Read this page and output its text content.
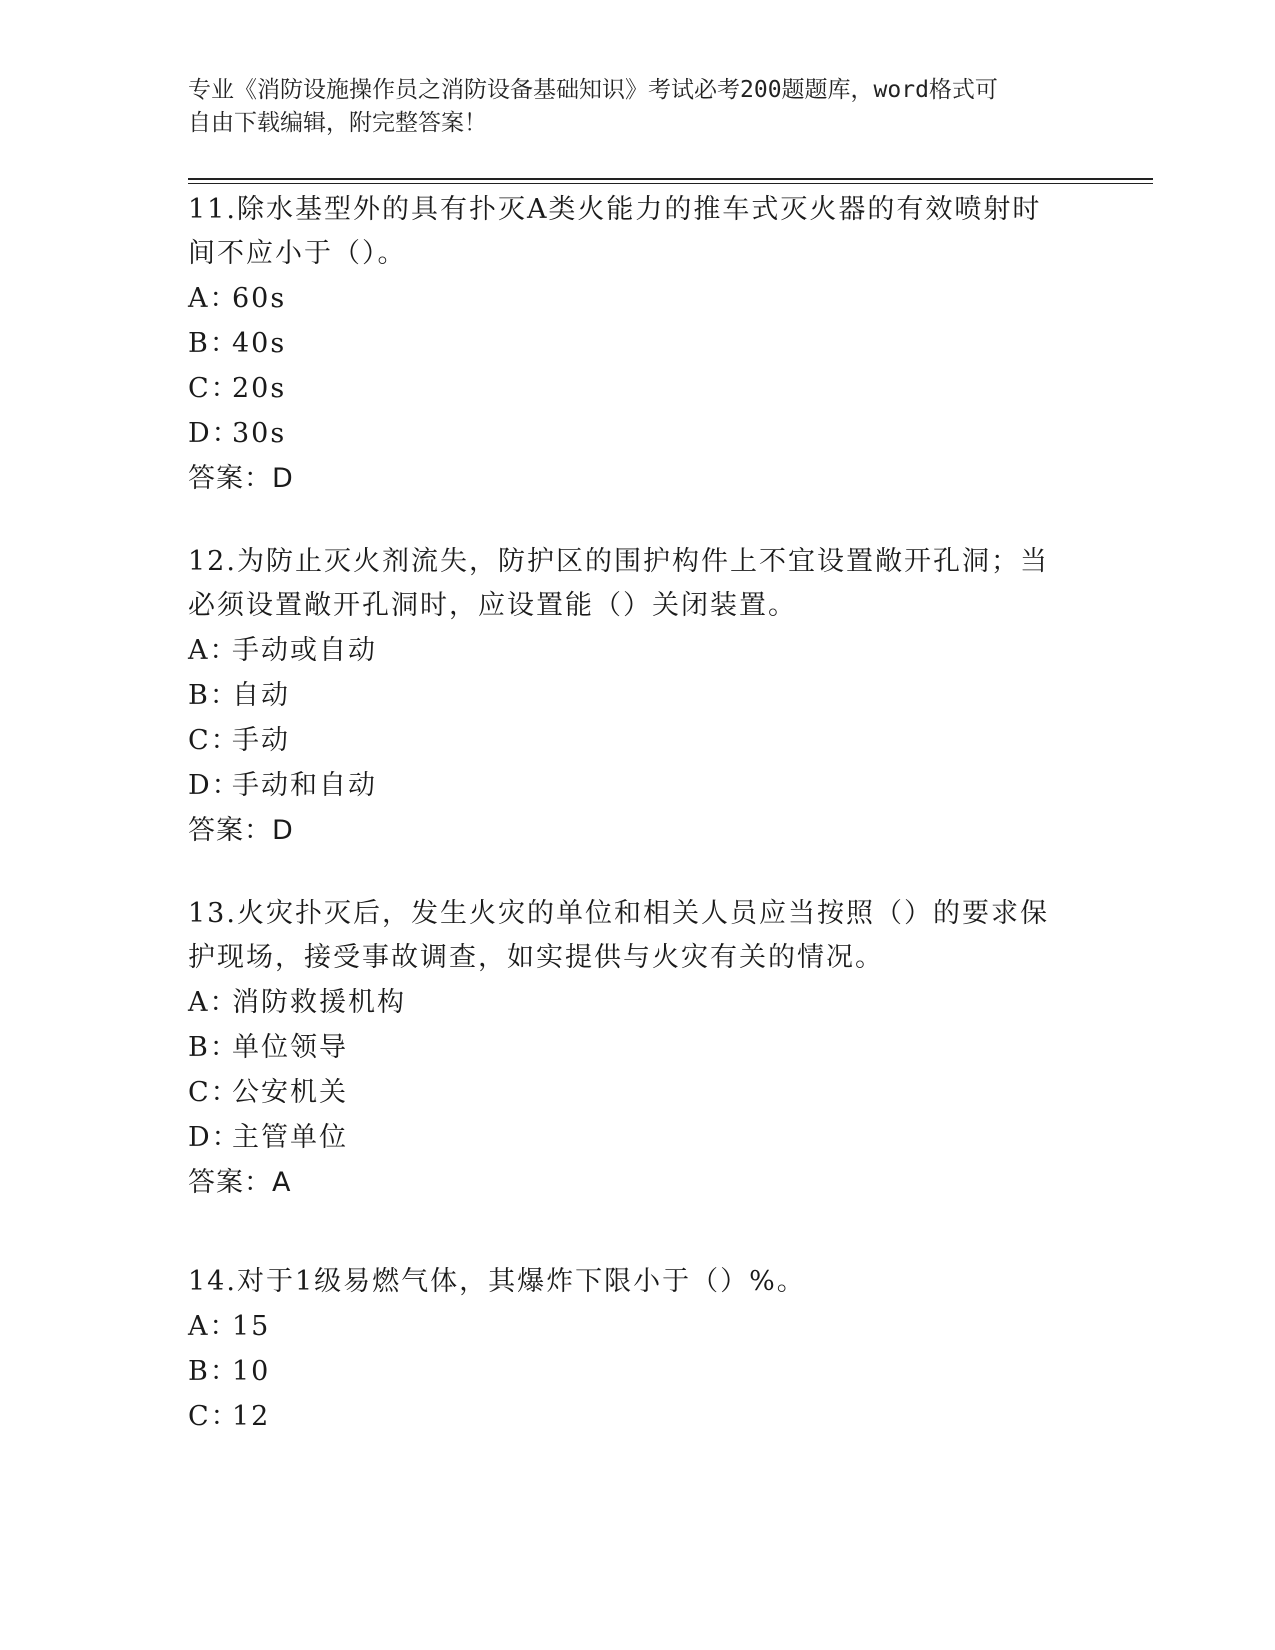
专业《消防设施操作员之消防设备基础知识》考试必考200题题库，word格式可
自由下载编辑，附完整答案！

11.除水基型外的具有扑灭A类火能力的推车式灭火器的有效喷射时间不应小于（）。

A：60s

B：40s

C：20s

D：30s

答案：D

12.为防止灭火剂流失，防护区的围护构件上不宜设置敞开孔洞；当必须设置敞开孔洞时，应设置能（）关闭装置。

A：手动或自动

B：自动

C：手动

D：手动和自动

答案：D

13.火灾扑灭后，发生火灾的单位和相关人员应当按照（）的要求保护现场，接受事故调查，如实提供与火灾有关的情况。

A：消防救援机构

B：单位领导

C：公安机关

D：主管单位

答案：A

14.对于1级易燃气体，其爆炸下限小于（）%。

A：15

B：10

C：12
